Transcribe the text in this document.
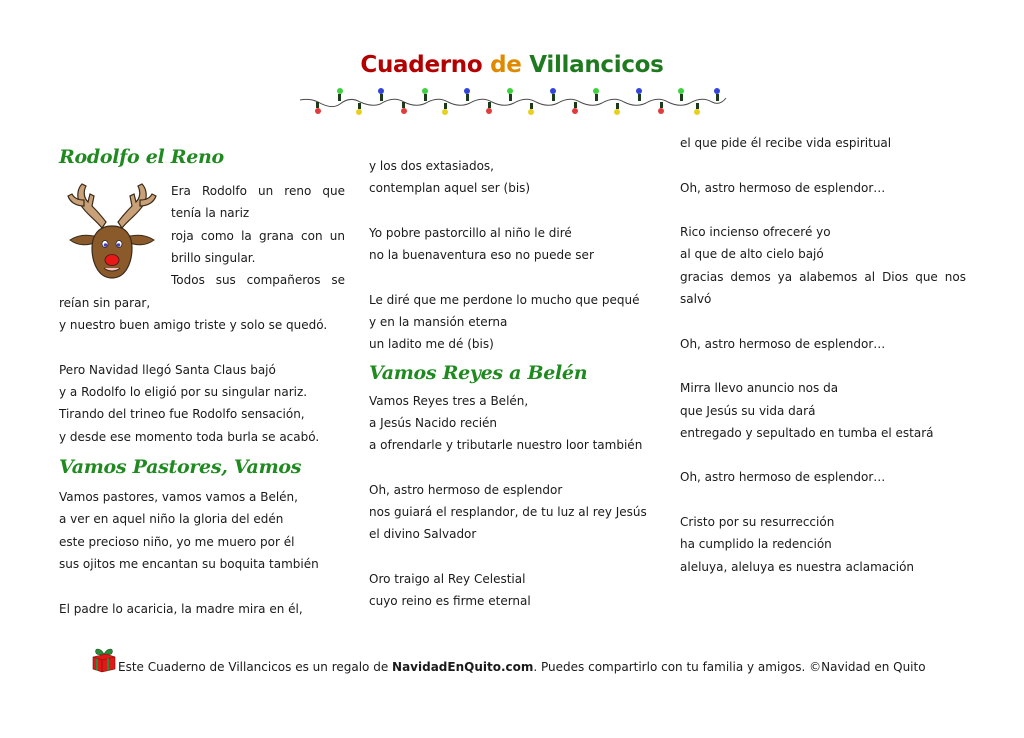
Cuaderno de Villancicos
Rodolfo el Reno
Era Rodolfo un reno que tenía la nariz
roja como la grana con un brillo singular.
Todos sus compañeros se
reían sin parar,
y nuestro buen amigo triste y solo se quedó.
Pero Navidad llegó Santa Claus bajó
y a Rodolfo lo eligió por su singular nariz.
Tirando del trineo fue Rodolfo sensación,
y desde ese momento toda burla se acabó.
Vamos Pastores, Vamos
Vamos pastores, vamos vamos a Belén,
a ver en aquel niño la gloria del edén
este precioso niño, yo me muero por él
sus ojitos me encantan su boquita también
El padre lo acaricia, la madre mira en él,
y los dos extasiados,
contemplan aquel ser (bis)
Yo pobre pastorcillo al niño le diré
no la buenaventura eso no puede ser
Le diré que me perdone lo mucho que pequé
y en la mansión eterna
un ladito me dé (bis)
Vamos Reyes a Belén
Vamos Reyes tres a Belén,
a Jesús Nacido recién
a ofrendarle y tributarle nuestro loor también
Oh, astro hermoso de esplendor
nos guiará el resplandor, de tu luz al rey Jesús
el divino Salvador
Oro traigo al Rey Celestial
cuyo reino es firme eternal
el que pide él recibe vida espiritual
Oh, astro hermoso de esplendor…
Rico incienso ofreceré yo
al que de alto cielo bajó
gracias demos ya alabemos al Dios que nos
salvó
Oh, astro hermoso de esplendor…
Mirra llevo anuncio nos da
que Jesús su vida dará
entregado y sepultado en tumba el estará
Oh, astro hermoso de esplendor…
Cristo por su resurrección
ha cumplido la redención
aleluya, aleluya es nuestra aclamación
Este Cuaderno de Villancicos es un regalo de NavidadEnQuito.com. Puedes compartirlo con tu familia y amigos. ©Navidad en Quito
